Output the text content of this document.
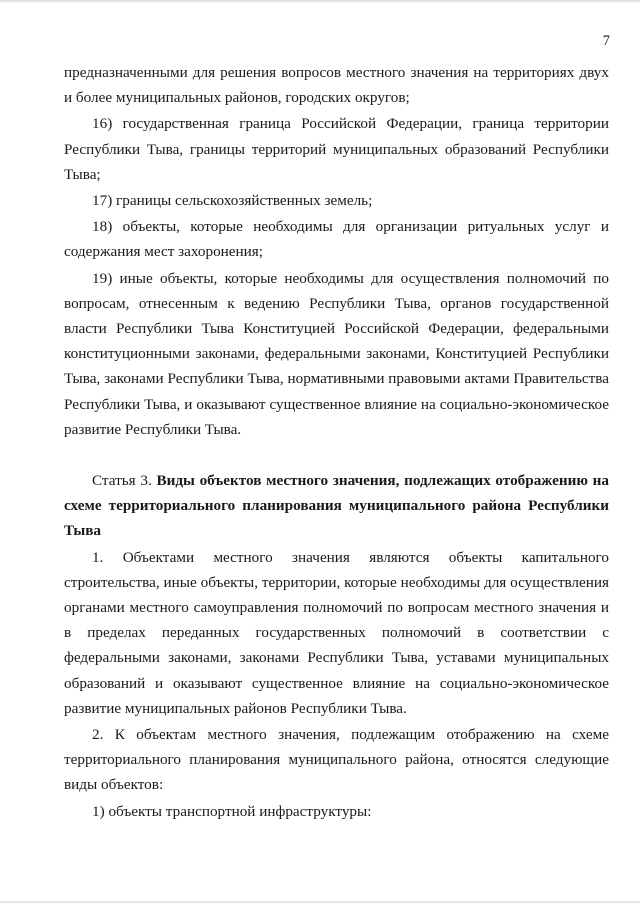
7

предназначенными для решения вопросов местного значения на территориях двух и более муниципальных районов, городских округов;

16) государственная граница Российской Федерации, граница территории Республики Тыва, границы территорий муниципальных образований Республики Тыва;

17) границы сельскохозяйственных земель;

18) объекты, которые необходимы для организации ритуальных услуг и содержания мест захоронения;

19) иные объекты, которые необходимы для осуществления полномочий по вопросам, отнесенным к ведению Республики Тыва, органов государственной власти Республики Тыва Конституцией Российской Федерации, федеральными конституционными законами, федеральными законами, Конституцией Республики Тыва, законами Республики Тыва, нормативными правовыми актами Правительства Республики Тыва, и оказывают существенное влияние на социально-экономическое развитие Республики Тыва.

Статья 3. Виды объектов местного значения, подлежащих отображению на схеме территориального планирования муниципального района Республики Тыва

1. Объектами местного значения являются объекты капитального строительства, иные объекты, территории, которые необходимы для осуществления органами местного самоуправления полномочий по вопросам местного значения и в пределах переданных государственных полномочий в соответствии с федеральными законами, законами Республики Тыва, уставами муниципальных образований и оказывают существенное влияние на социально-экономическое развитие муниципальных районов Республики Тыва.

2. К объектам местного значения, подлежащим отображению на схеме территориального планирования муниципального района, относятся следующие виды объектов:

1) объекты транспортной инфраструктуры:
